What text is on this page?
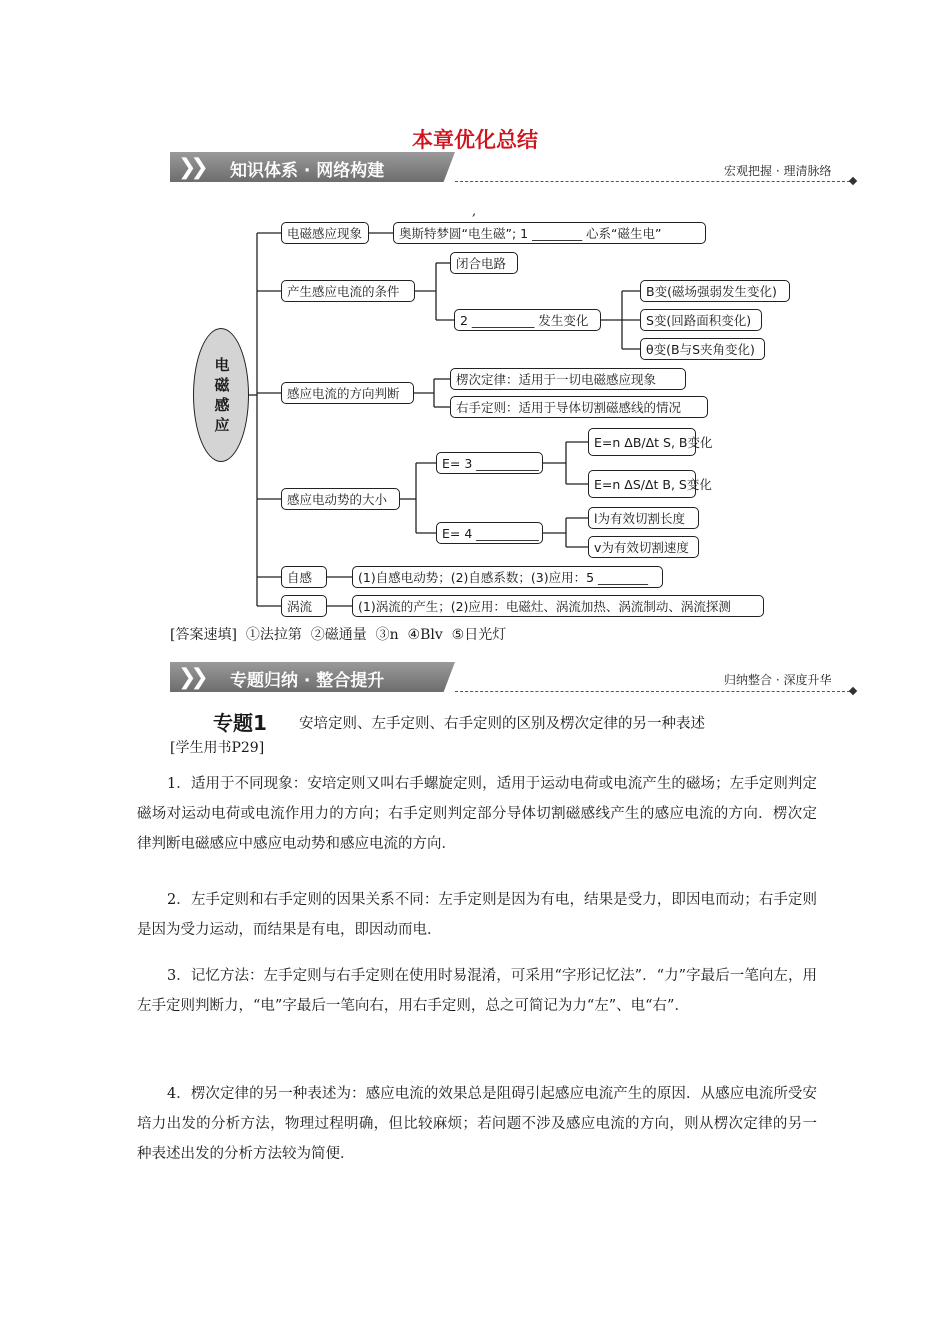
本章优化总结
❯❯ 知识体系 · 网络构建	宏观把握 · 理清脉络
电磁感应
,
电磁感应现象	奥斯特梦圆“电生磁”; 1 ________ 心系“磁生电”
产生感应电流的条件
闭合电路
2 __________ 发生变化
B变(磁场强弱发生变化)
S变(回路面积变化)
θ变(B与S夹角变化)
感应电流的方向判断
楞次定律：适用于一切电磁感应现象
右手定则：适用于导体切割磁感线的情况
感应电动势的大小
E= 3 __________
E=n ΔB/Δt S, B变化
E=n ΔS/Δt B, S变化
E= 4 __________
l为有效切割长度
v为有效切割速度
自感	(1)自感电动势；(2)自感系数；(3)应用：5 ________
涡流	(1)涡流的产生；(2)应用：电磁灶、涡流加热、涡流制动、涡流探测
[答案速填]  ①法拉第  ②磁通量  ③n  ④Blv  ⑤日光灯
❯❯ 专题归纳 · 整合提升	归纳整合 · 深度升华
专题1 安培定则、左手定则、右手定则的区别及楞次定律的另一种表述
[学生用书P29]
1．适用于不同现象：安培定则又叫右手螺旋定则，适用于运动电荷或电流产生的磁场；左手定则判定磁场对运动电荷或电流作用力的方向；右手定则判定部分导体切割磁感线产生的感应电流的方向．楞次定律判断电磁感应中感应电动势和感应电流的方向．
2．左手定则和右手定则的因果关系不同：左手定则是因为有电，结果是受力，即因电而动；右手定则是因为受力运动，而结果是有电，即因动而电．
3．记忆方法：左手定则与右手定则在使用时易混淆，可采用“字形记忆法”．“力”字最后一笔向左，用左手定则判断力，“电”字最后一笔向右，用右手定则，总之可简记为力“左”、电“右”．
4．楞次定律的另一种表述为：感应电流的效果总是阻碍引起感应电流产生的原因．从感应电流所受安培力出发的分析方法，物理过程明确，但比较麻烦；若问题不涉及感应电流的方向，则从楞次定律的另一种表述出发的分析方法较为简便．
